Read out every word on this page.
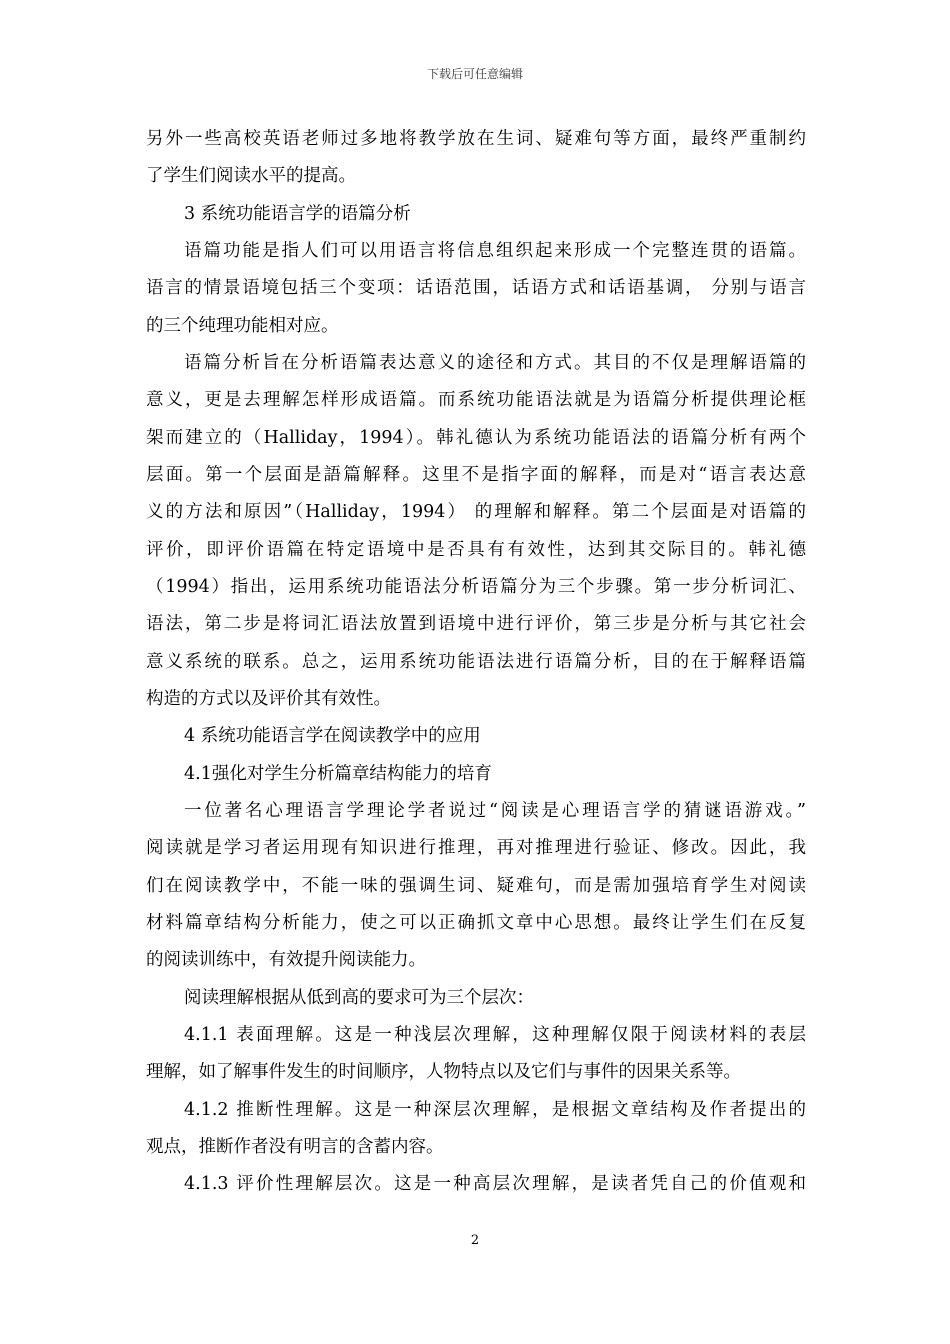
下载后可任意编辑
另外一些高校英语老师过多地将教学放在生词、疑难句等方面，最终严重制约
了学生们阅读水平的提高。
3 系统功能语言学的语篇分析
语篇功能是指人们可以用语言将信息组织起来形成一个完整连贯的语篇。
语言的情景语境包括三个变项：话语范围，话语方式和话语基调， 分别与语言
的三个纯理功能相对应。
语篇分析旨在分析语篇表达意义的途径和方式。其目的不仅是理解语篇的
意义，更是去理解怎样形成语篇。而系统功能语法就是为语篇分析提供理论框
架而建立的（Halliday，1994）。韩礼德认为系统功能语法的语篇分析有两个
层面。第一个层面是語篇解释。这里不是指字面的解释，而是对“语言表达意
义的方法和原因”（Halliday，1994） 的理解和解释。第二个层面是对语篇的
评价，即评价语篇在特定语境中是否具有有效性，达到其交际目的。韩礼德
（1994）指出，运用系统功能语法分析语篇分为三个步骤。第一步分析词汇、
语法，第二步是将词汇语法放置到语境中进行评价，第三步是分析与其它社会
意义系统的联系。总之，运用系统功能语法进行语篇分析，目的在于解释语篇
构造的方式以及评价其有效性。
4 系统功能语言学在阅读教学中的应用
4.1强化对学生分析篇章结构能力的培育
一位著名心理语言学理论学者说过“阅读是心理语言学的猜谜语游戏。”
阅读就是学习者运用现有知识进行推理，再对推理进行验证、修改。因此，我
们在阅读教学中，不能一味的强调生词、疑难句，而是需加强培育学生对阅读
材料篇章结构分析能力，使之可以正确抓文章中心思想。最终让学生们在反复
的阅读训练中，有效提升阅读能力。
阅读理解根据从低到高的要求可为三个层次：
4.1.1 表面理解。这是一种浅层次理解，这种理解仅限于阅读材料的表层
理解，如了解事件发生的时间顺序，人物特点以及它们与事件的因果关系等。
4.1.2 推断性理解。这是一种深层次理解，是根据文章结构及作者提出的
观点，推断作者没有明言的含蓄内容。
4.1.3 评价性理解层次。这是一种高层次理解，是读者凭自己的价值观和
2
